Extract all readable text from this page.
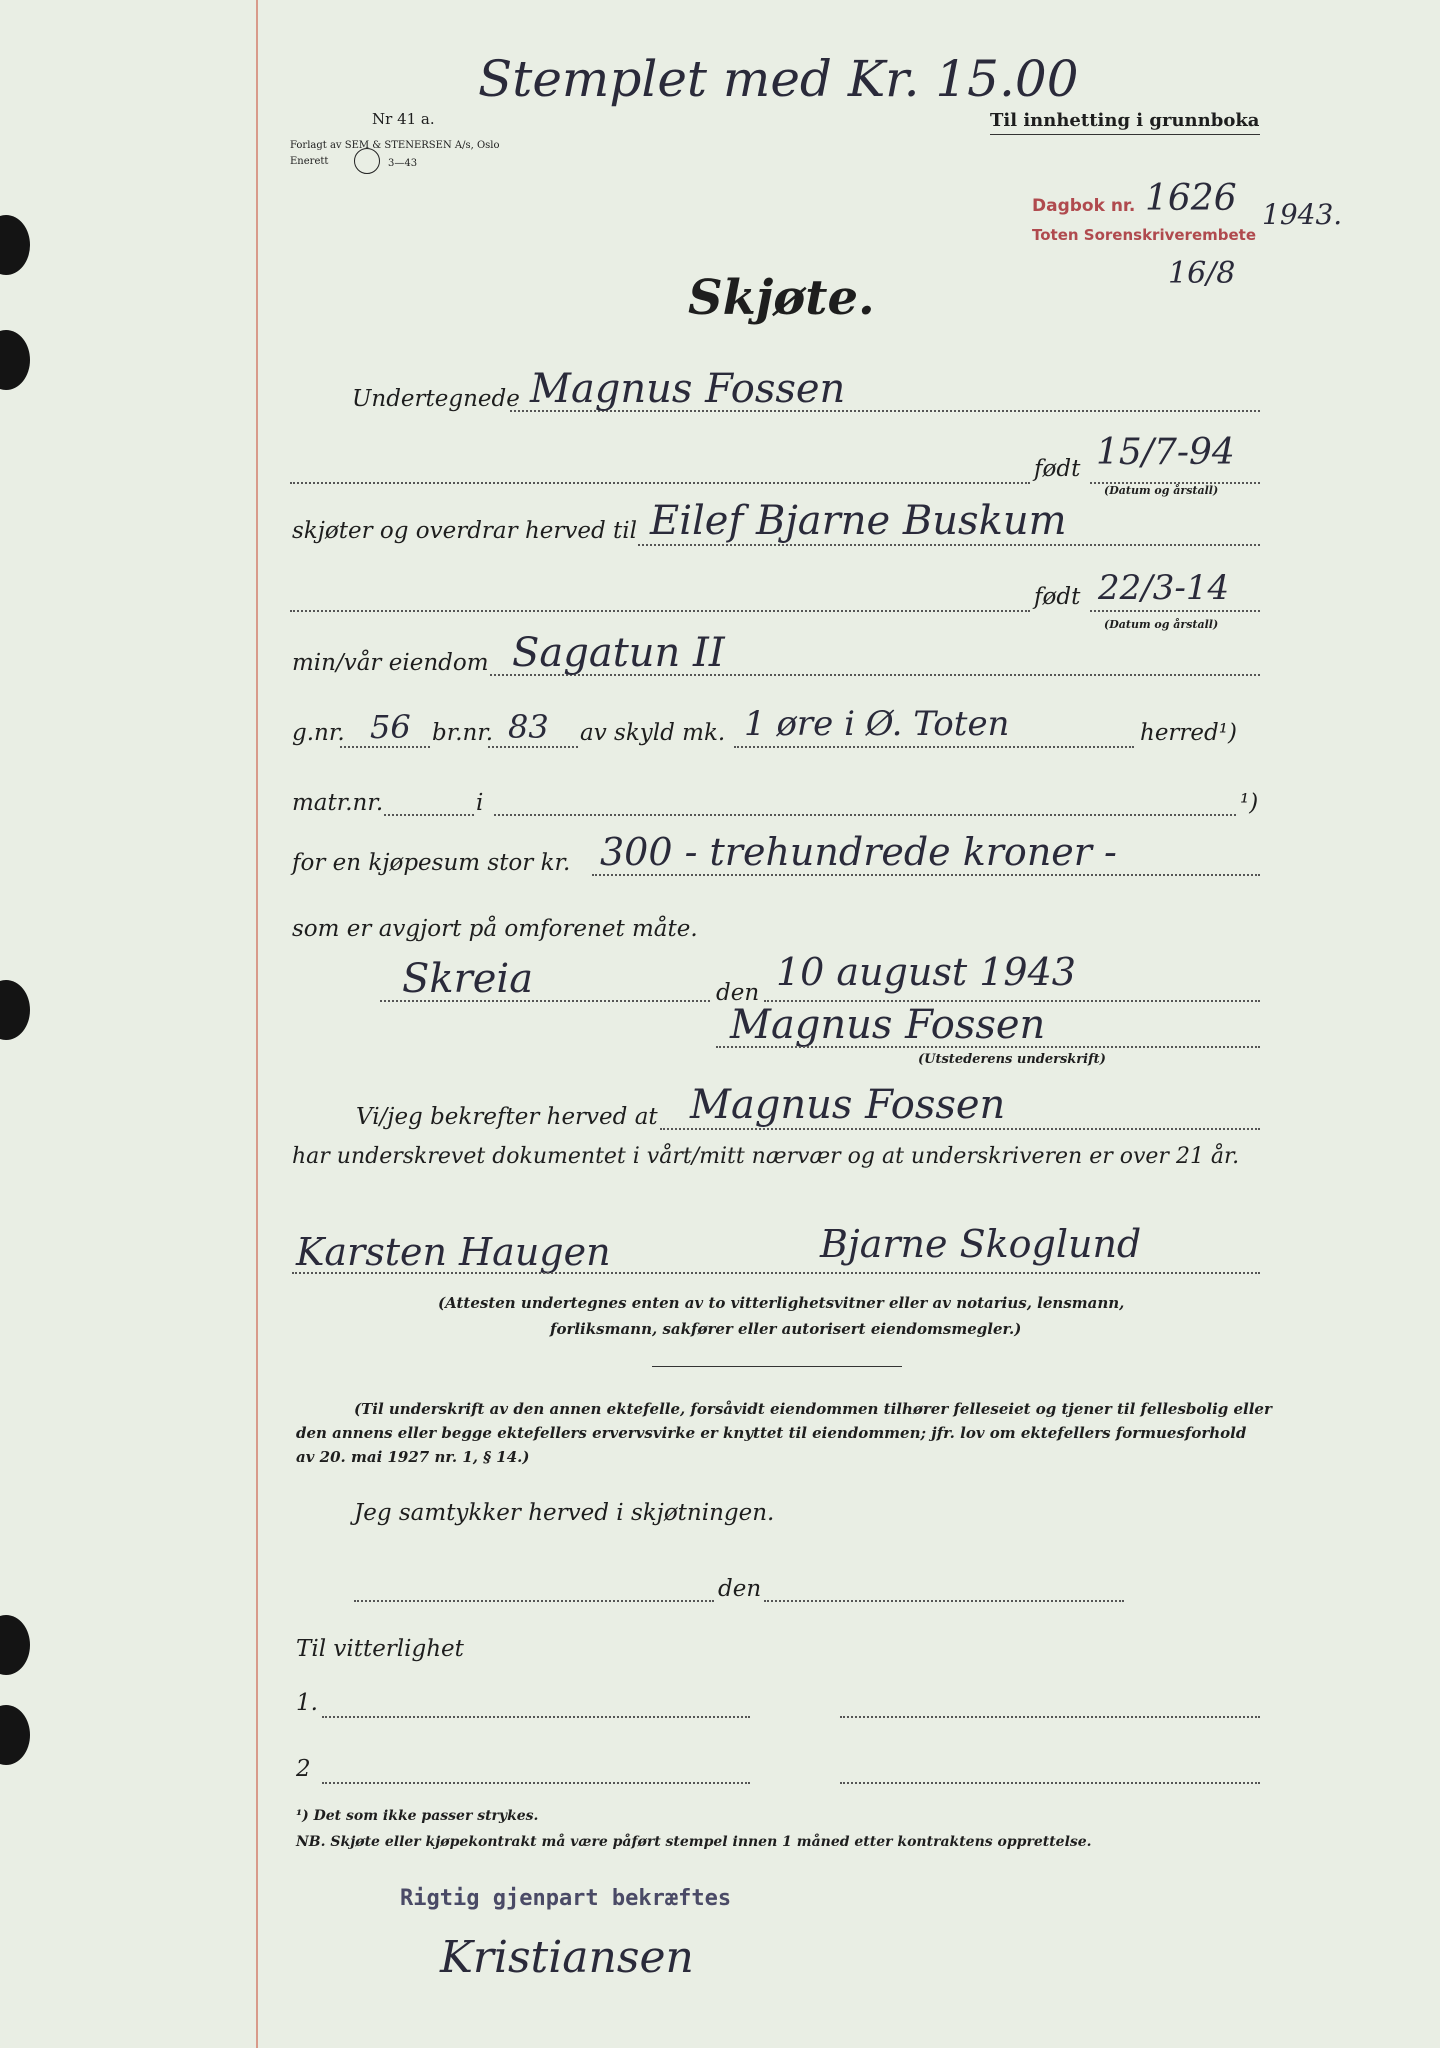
Stemplet med Kr. 15.00
Nr 41 a.
Forlagt av SEM & STENERSEN A/s, Oslo
Enerett	3—43
Til innhetting i grunnboka
Dagbok nr. 1626 1943.
Toten Sorenskriverembete
16/8
Skjøte.
Undertegnede Magnus Fossen
født 15/7-94
(Datum og årstall)
skjøter og overdrar herved til Eilef Bjarne Buskum
født 22/3-14
(Datum og årstall)
min/vår eiendom Sagatun II
g.nr. 56 br.nr. 83 av skyld mk. 1 øre i Ø. Toten	herred¹)
matr.nr.	i	¹)
for en kjøpesum stor kr. 300 - trehundrede kroner -
som er avgjort på omforenet måte.
Skreia	den 10 august 1943
Magnus Fossen
(Utstederens underskrift)
Vi/jeg bekrefter herved at Magnus Fossen
har underskrevet dokumentet i vårt/mitt nærvær og at underskriveren er over 21 år.
Karsten Haugen	Bjarne Skoglund
(Attesten undertegnes enten av to vitterlighetsvitner eller av notarius, lensmann,
forliksmann, sakfører eller autorisert eiendomsmegler.)
(Til underskrift av den annen ektefelle, forsåvidt eiendommen tilhører felleseiet og tjener til fellesbolig eller
den annens eller begge ektefellers ervervsvirke er knyttet til eiendommen; jfr. lov om ektefellers formuesforhold
av 20. mai 1927 nr. 1, § 14.)
Jeg samtykker herved i skjøtningen.
den
Til vitterlighet
1.
2
¹) Det som ikke passer strykes.
NB. Skjøte eller kjøpekontrakt må være påført stempel innen 1 måned etter kontraktens opprettelse.
Rigtig gjenpart bekræftes
Kristiansen
